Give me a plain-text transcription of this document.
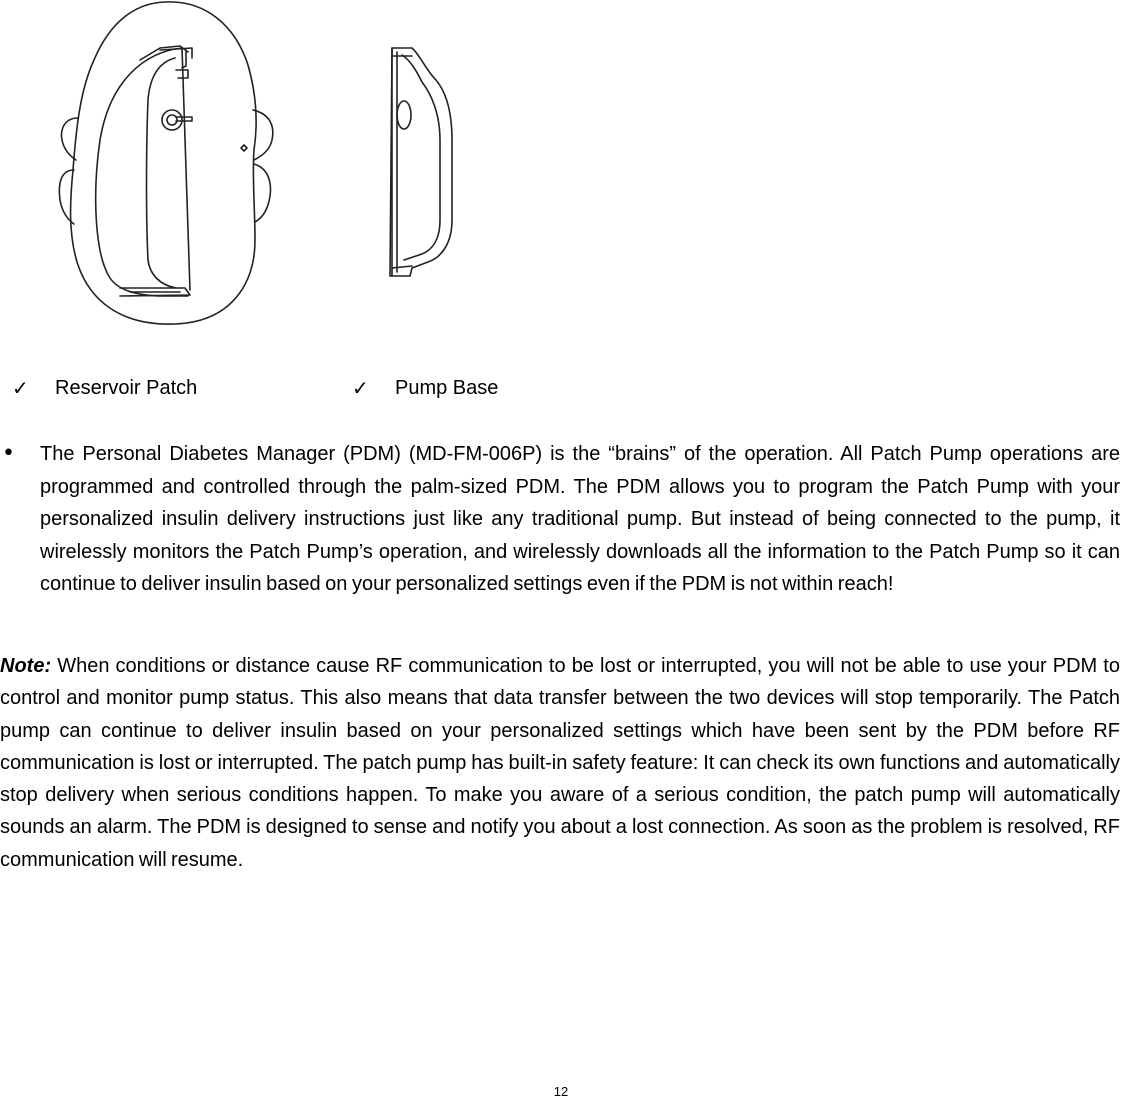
✓	Reservoir Patch	✓	Pump Base
• The Personal Diabetes Manager (PDM) (MD-FM-006P) is the “brains” of the operation. All Patch Pump operations are programmed and controlled through the palm-sized PDM. The PDM allows you to program the Patch Pump with your personalized insulin delivery instructions just like any traditional pump. But instead of being connected to the pump, it wirelessly monitors the Patch Pump’s operation, and wirelessly downloads all the information to the Patch Pump so it can continue to deliver insulin based on your personalized settings even if the PDM is not within reach!
Note: When conditions or distance cause RF communication to be lost or interrupted, you will not be able to use your PDM to control and monitor pump status. This also means that data transfer between the two devices will stop temporarily. The Patch pump can continue to deliver insulin based on your personalized settings which have been sent by the PDM before RF communication is lost or interrupted. The patch pump has built-in safety feature: It can check its own functions and automatically stop delivery when serious conditions happen. To make you aware of a serious condition, the patch pump will automatically sounds an alarm. The PDM is designed to sense and notify you about a lost connection. As soon as the problem is resolved, RF communication will resume.
12
